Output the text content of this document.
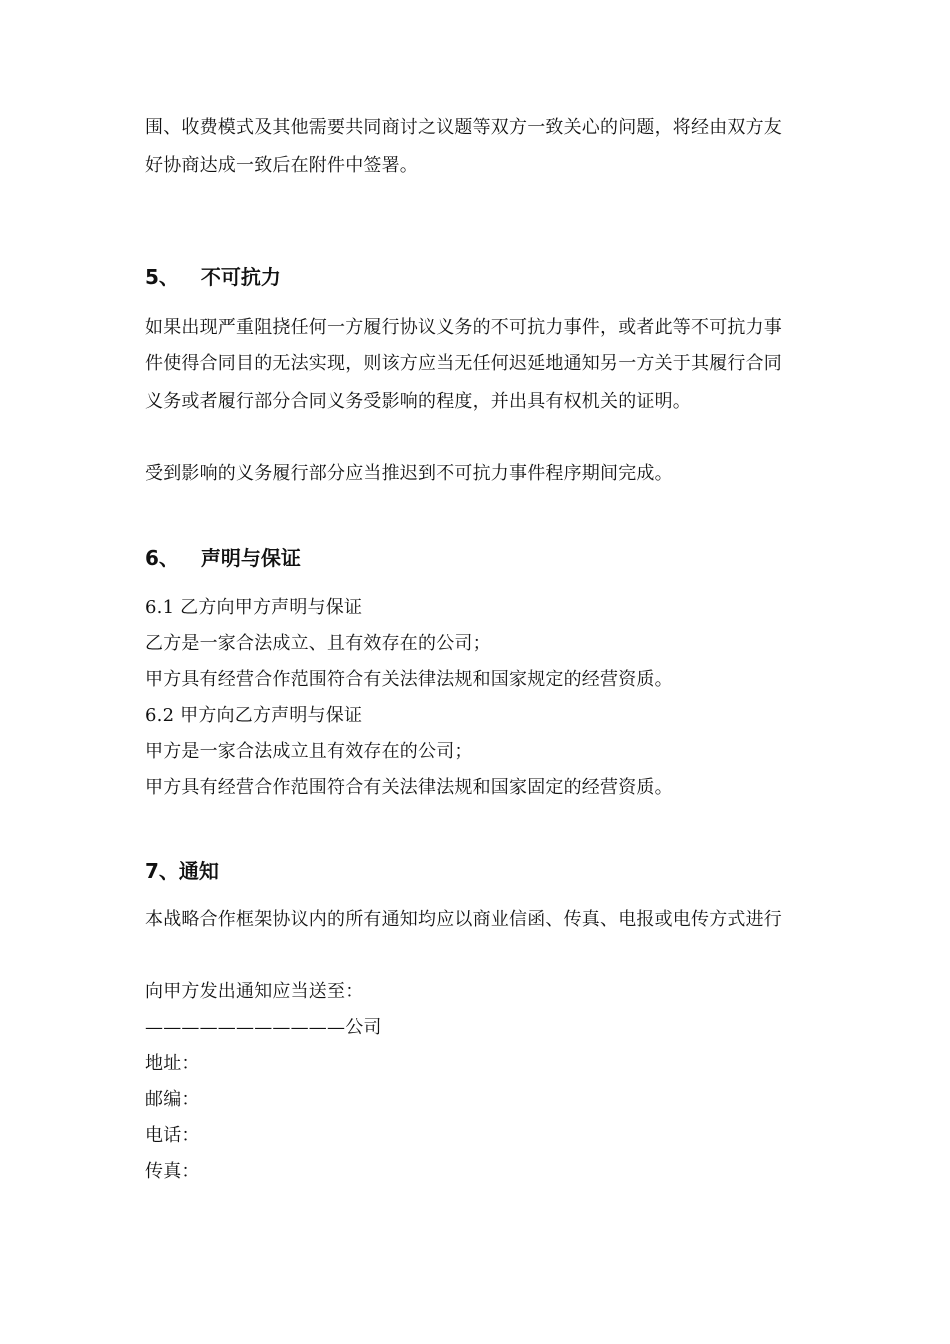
围、收费模式及其他需要共同商讨之议题等双方一致关心的问题，将经由双方友
好协商达成一致后在附件中签署。
5、 不可抗力
如果出现严重阻挠任何一方履行协议义务的不可抗力事件，或者此等不可抗力事
件使得合同目的无法实现，则该方应当无任何迟延地通知另一方关于其履行合同
义务或者履行部分合同义务受影响的程度，并出具有权机关的证明。
受到影响的义务履行部分应当推迟到不可抗力事件程序期间完成。
6、 声明与保证
6.1 乙方向甲方声明与保证
乙方是一家合法成立、且有效存在的公司；
甲方具有经营合作范围符合有关法律法规和国家规定的经营资质。
6.2 甲方向乙方声明与保证
甲方是一家合法成立且有效存在的公司；
甲方具有经营合作范围符合有关法律法规和国家固定的经营资质。
7、通知
本战略合作框架协议内的所有通知均应以商业信函、传真、电报或电传方式进行
向甲方发出通知应当送至：
———————————公司
地址：
邮编：
电话：
传真：
